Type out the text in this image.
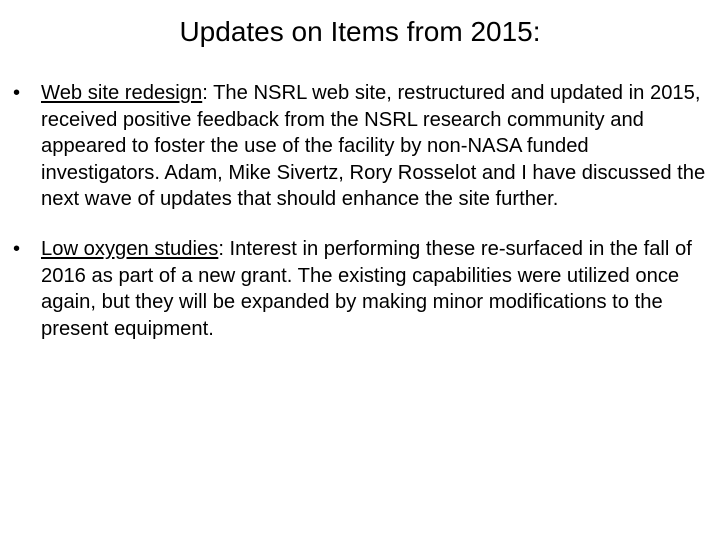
Updates on Items from 2015:
• Web site redesign: The NSRL web site, restructured and updated in 2015, received positive feedback from the NSRL research community and appeared to foster the use of the facility by non-NASA funded investigators. Adam, Mike Sivertz, Rory Rosselot and I have discussed the next wave of updates that should enhance the site further.
• Low oxygen studies: Interest in performing these re-surfaced in the fall of 2016 as part of a new grant. The existing capabilities were utilized once again, but they will be expanded by making minor modifications to the present equipment.
